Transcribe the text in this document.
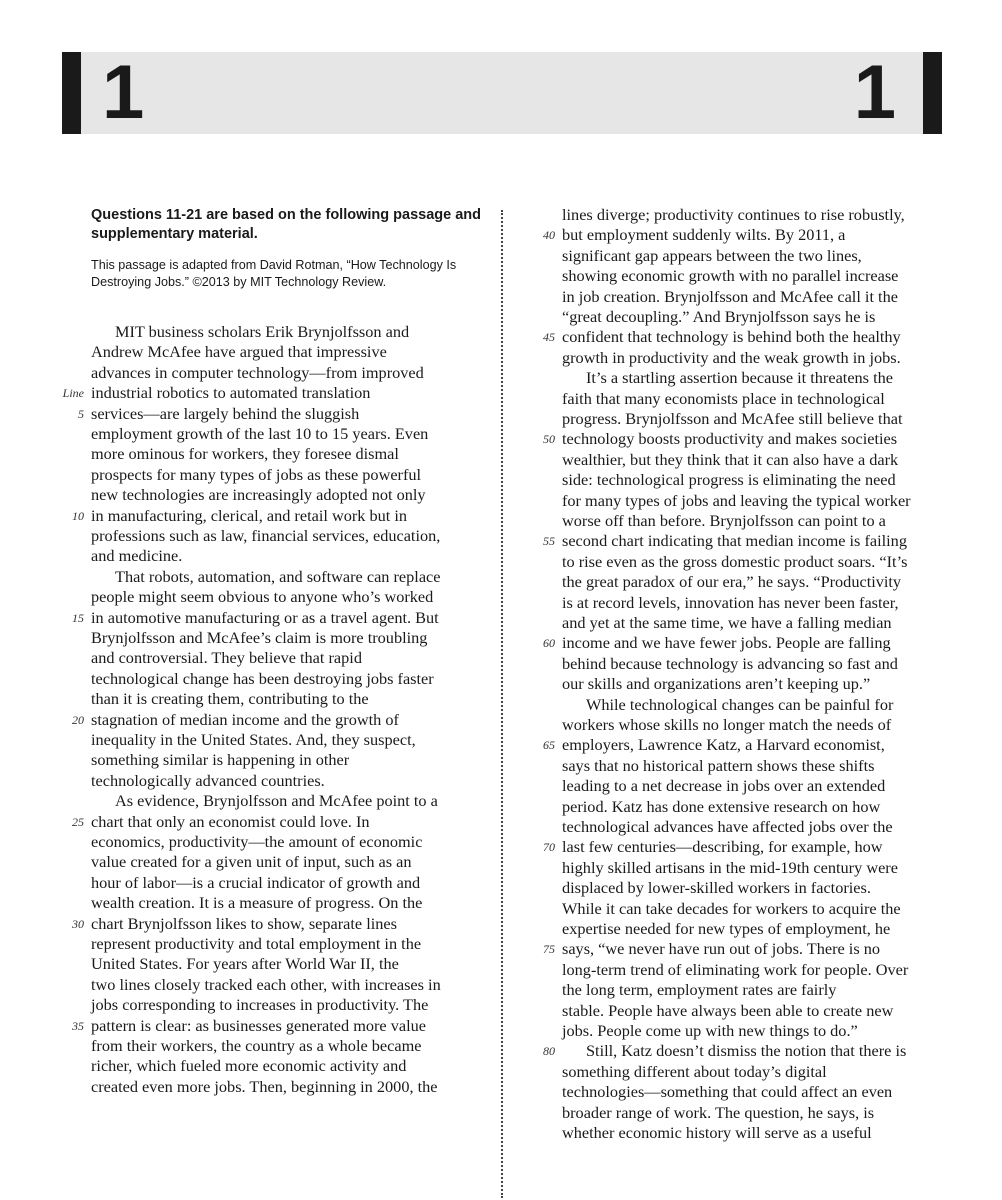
1	1

Questions 11-21 are based on the following passage and supplementary material.

This passage is adapted from David Rotman, “How Technology Is Destroying Jobs.” ©2013 by MIT Technology Review.

MIT business scholars Erik Brynjolfsson and

Andrew McAfee have argued that impressive

advances in computer technology—from improved

industrial robotics to automated translation

Line

services—are largely behind the sluggish

5

employment growth of the last 10 to 15 years. Even

more ominous for workers, they foresee dismal

prospects for many types of jobs as these powerful

new technologies are increasingly adopted not only

in manufacturing, clerical, and retail work but in

10

professions such as law, financial services, education,

and medicine.

That robots, automation, and software can replace

people might seem obvious to anyone who’s worked

in automotive manufacturing or as a travel agent. But

15

Brynjolfsson and McAfee’s claim is more troubling

and controversial. They believe that rapid

technological change has been destroying jobs faster

than it is creating them, contributing to the

stagnation of median income and the growth of

20

inequality in the United States. And, they suspect,

something similar is happening in other

technologically advanced countries.

As evidence, Brynjolfsson and McAfee point to a

chart that only an economist could love. In

25

economics, productivity—the amount of economic

value created for a given unit of input, such as an

hour of labor—is a crucial indicator of growth and

wealth creation. It is a measure of progress. On the

chart Brynjolfsson likes to show, separate lines

30

represent productivity and total employment in the

United States. For years after World War II, the

two lines closely tracked each other, with increases in

jobs corresponding to increases in productivity. The

pattern is clear: as businesses generated more value

35

from their workers, the country as a whole became

richer, which fueled more economic activity and

created even more jobs. Then, beginning in 2000, the

lines diverge; productivity continues to rise robustly,

but employment suddenly wilts. By 2011, a

40

significant gap appears between the two lines,

showing economic growth with no parallel increase

in job creation. Brynjolfsson and McAfee call it the

“great decoupling.” And Brynjolfsson says he is

confident that technology is behind both the healthy

45

growth in productivity and the weak growth in jobs.

It’s a startling assertion because it threatens the

faith that many economists place in technological

progress. Brynjolfsson and McAfee still believe that

technology boosts productivity and makes societies

50

wealthier, but they think that it can also have a dark

side: technological progress is eliminating the need

for many types of jobs and leaving the typical worker

worse off than before. Brynjolfsson can point to a

second chart indicating that median income is failing

55

to rise even as the gross domestic product soars. “It’s

the great paradox of our era,” he says. “Productivity

is at record levels, innovation has never been faster,

and yet at the same time, we have a falling median

income and we have fewer jobs. People are falling

60

behind because technology is advancing so fast and

our skills and organizations aren’t keeping up.”

While technological changes can be painful for

workers whose skills no longer match the needs of

employers, Lawrence Katz, a Harvard economist,

65

says that no historical pattern shows these shifts

leading to a net decrease in jobs over an extended

period. Katz has done extensive research on how

technological advances have affected jobs over the

last few centuries—describing, for example, how

70

highly skilled artisans in the mid-19th century were

displaced by lower-skilled workers in factories.

While it can take decades for workers to acquire the

expertise needed for new types of employment, he

says, “we never have run out of jobs. There is no

75

long-term trend of eliminating work for people. Over

the long term, employment rates are fairly

stable. People have always been able to create new

jobs. People come up with new things to do.”

Still, Katz doesn’t dismiss the notion that there is

80

something different about today’s digital

technologies—something that could affect an even

broader range of work. The question, he says, is

whether economic history will serve as a useful
